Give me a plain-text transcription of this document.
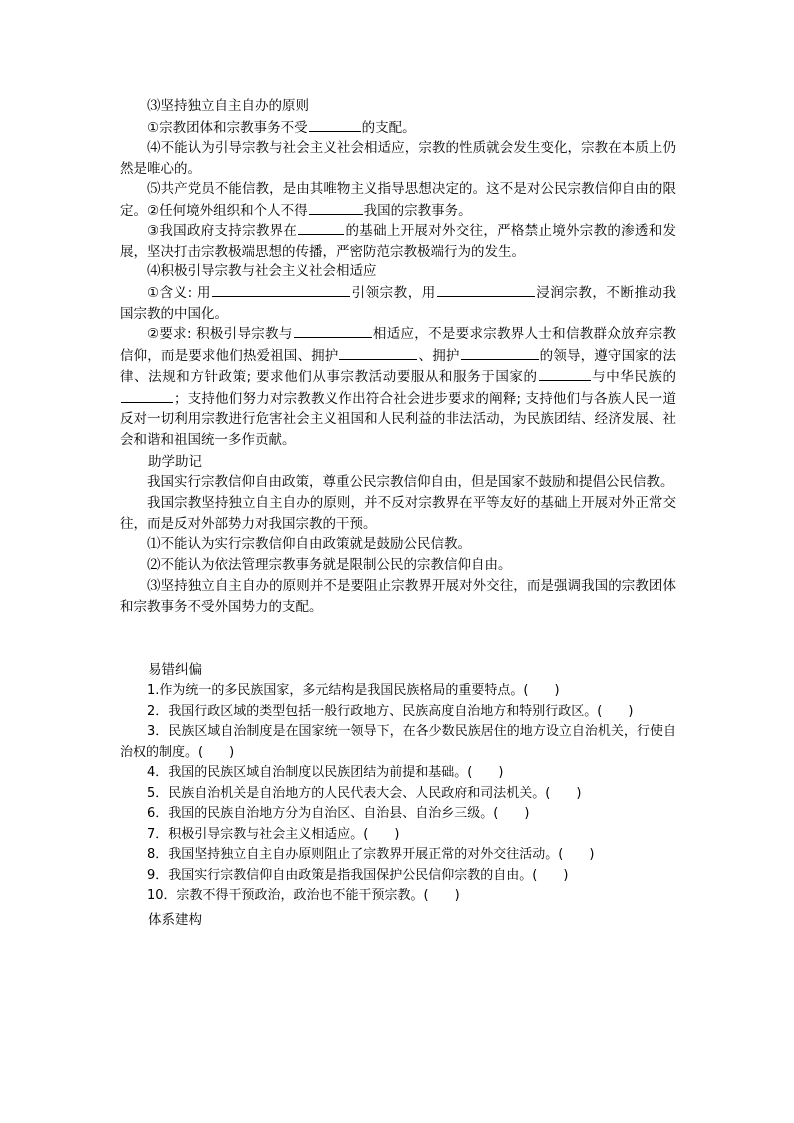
⑶坚持独立自主自办的原则

①宗教团体和宗教事务不受	的支配。

⑷不能认为引导宗教与社会主义社会相适应，宗教的性质就会发生变化，宗教在本质上仍然是唯心的。

⑸共产党员不能信教，是由其唯物主义指导思想决定的。这不是对公民宗教信仰自由的限定。②任何境外组织和个人不得	我国的宗教事务。

③我国政府支持宗教界在	的基础上开展对外交往，严格禁止境外宗教的渗透和发展，坚决打击宗教极端思想的传播，严密防范宗教极端行为的发生。

⑷积极引导宗教与社会主义社会相适应

①含义: 用	引领宗教，用	浸润宗教，不断推动我国宗教的中国化。

②要求: 积极引导宗教与	相适应，不是要求宗教界人士和信教群众放弃宗教信仰，而是要求他们热爱祖国、拥护	、拥护	的领导，遵守国家的法律、法规和方针政策; 要求他们从事宗教活动要服从和服务于国家的	与中华民族的；支持他们努力对宗教教义作出符合社会进步要求的阐释; 支持他们与各族人民一道反对一切利用宗教进行危害社会主义祖国和人民利益的非法活动，为民族团结、经济发展、社会和谐和祖国统一多作贡献。

助学助记

我国实行宗教信仰自由政策，尊重公民宗教信仰自由，但是国家不鼓励和提倡公民信教。

我国宗教坚持独立自主自办的原则，并不反对宗教界在平等友好的基础上开展对外正常交往，而是反对外部势力对我国宗教的干预。

⑴不能认为实行宗教信仰自由政策就是鼓励公民信教。

⑵不能认为依法管理宗教事务就是限制公民的宗教信仰自由。

⑶坚持独立自主自办的原则并不是要阻止宗教界开展对外交往，而是强调我国的宗教团体和宗教事务不受外国势力的支配。

易错纠偏

1.作为统一的多民族国家，多元结构是我国民族格局的重要特点。(　　)
2．我国行政区域的类型包括一般行政地方、民族高度自治地方和特别行政区。(　　)
3．民族区域自治制度是在国家统一领导下，在各少数民族居住的地方设立自治机关，行使自治权的制度。(　　)
4．我国的民族区域自治制度以民族团结为前提和基础。(　　)
5．民族自治机关是自治地方的人民代表大会、人民政府和司法机关。(　　)
6．我国的民族自治地方分为自治区、自治县、自治乡三级。(　　)
7．积极引导宗教与社会主义相适应。(　　)
8．我国坚持独立自主自办原则阻止了宗教界开展正常的对外交往活动。(　　)
9．我国实行宗教信仰自由政策是指我国保护公民信仰宗教的自由。(　　)
10．宗教不得干预政治，政治也不能干预宗教。(　　)

体系建构
